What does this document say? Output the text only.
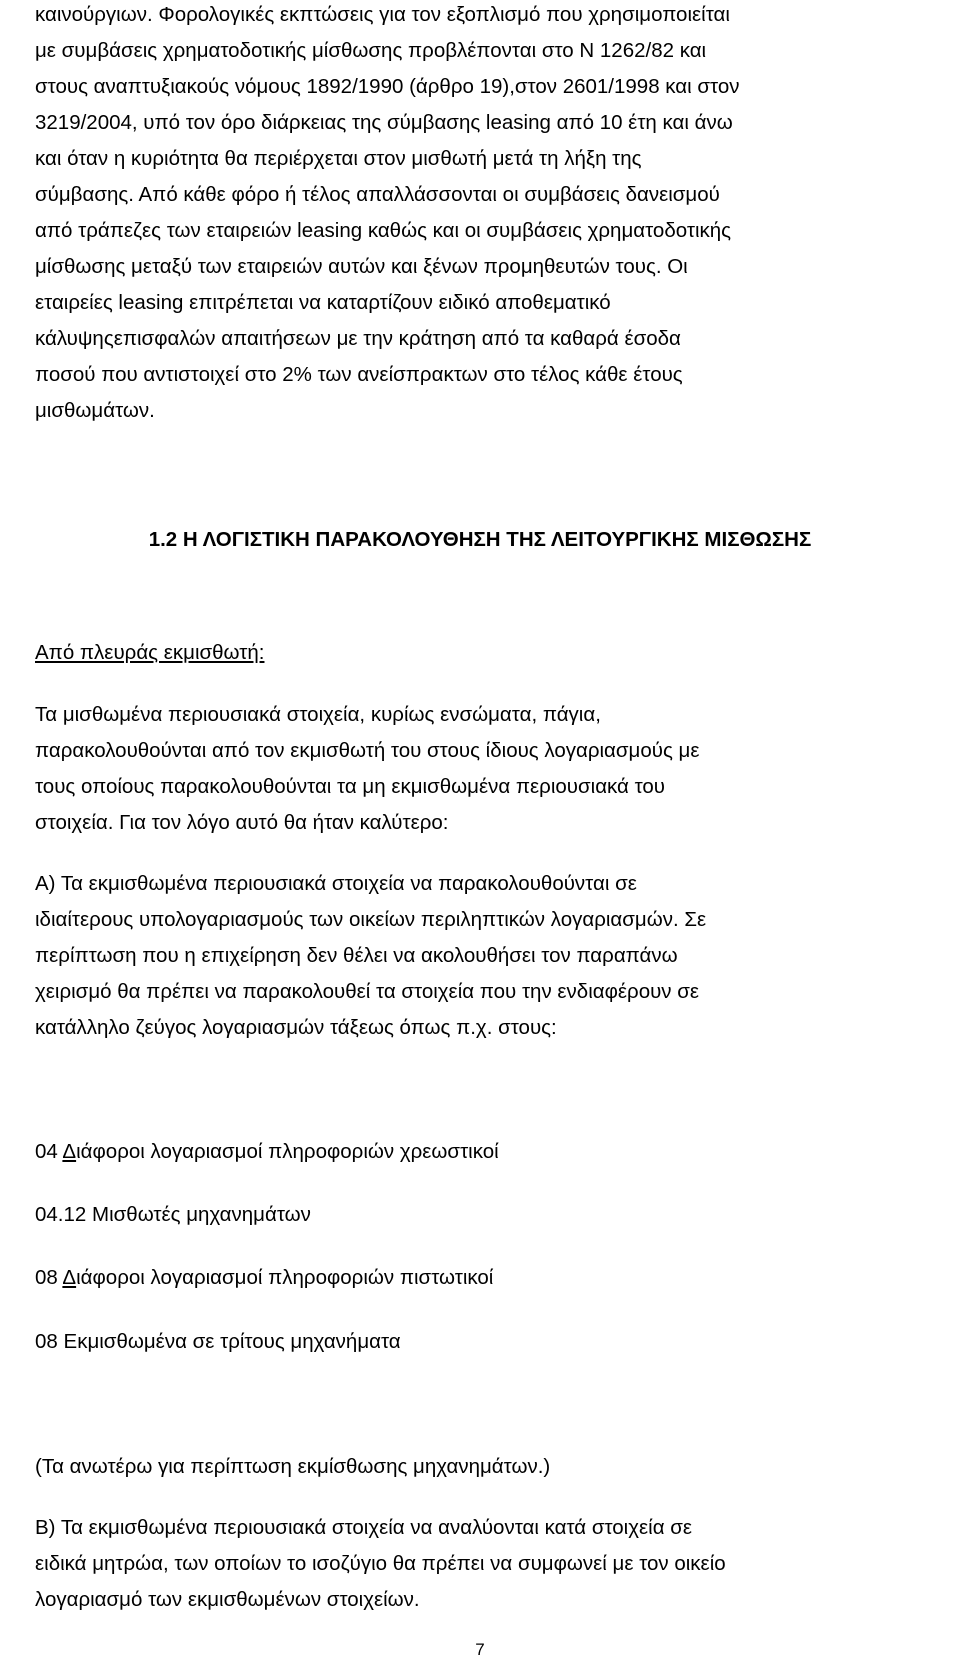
καινούργιων. Φορολογικές εκπτώσεις για τον εξοπλισμό που χρησιμοποιείται
με συμβάσεις χρηματοδοτικής μίσθωσης προβλέπονται στο Ν 1262/82 και
στους αναπτυξιακούς νόμους 1892/1990 (άρθρο 19),στον 2601/1998 και στον
3219/2004, υπό τον όρο διάρκειας της σύμβασης leasing από 10 έτη και άνω
και όταν η κυριότητα θα περιέρχεται στον μισθωτή μετά τη λήξη της
σύμβασης. Από κάθε φόρο ή τέλος απαλλάσσονται οι συμβάσεις δανεισμού
από τράπεζες των εταιρειών leasing καθώς και οι συμβάσεις χρηματοδοτικής
μίσθωσης μεταξύ των εταιρειών αυτών και ξένων προμηθευτών τους. Οι
εταιρείες leasing επιτρέπεται να καταρτίζουν ειδικό αποθεματικό
κάλυψηςεπισφαλών απαιτήσεων με την κράτηση από τα καθαρά έσοδα
ποσού που αντιστοιχεί στο 2% των ανείσπρακτων στο τέλος κάθε έτους
μισθωμάτων.
1.2 Η ΛΟΓΙΣΤΙΚΗ ΠΑΡΑΚΟΛΟΥΘΗΣΗ ΤΗΣ ΛΕΙΤΟΥΡΓΙΚΗΣ ΜΙΣΘΩΣΗΣ
Από πλευράς εκμισθωτή:
Τα μισθωμένα περιουσιακά στοιχεία, κυρίως ενσώματα, πάγια,
παρακολουθούνται από τον εκμισθωτή του στους ίδιους λογαριασμούς με
τους οποίους παρακολουθούνται τα μη εκμισθωμένα περιουσιακά του
στοιχεία. Για τον λόγο αυτό θα ήταν καλύτερο:
Α) Τα εκμισθωμένα περιουσιακά στοιχεία να παρακολουθούνται σε
ιδιαίτερους υπολογαριασμούς των οικείων περιληπτικών λογαριασμών. Σε
περίπτωση που η επιχείρηση δεν θέλει να ακολουθήσει τον παραπάνω
χειρισμό θα πρέπει να παρακολουθεί τα στοιχεία που την ενδιαφέρουν σε
κατάλληλο ζεύγος λογαριασμών τάξεως όπως π.χ. στους:
04 Διάφοροι λογαριασμοί πληροφοριών χρεωστικοί
04.12 Μισθωτές μηχανημάτων
08 Διάφοροι λογαριασμοί πληροφοριών πιστωτικοί
08 Εκμισθωμένα σε τρίτους μηχανήματα
(Τα ανωτέρω για περίπτωση εκμίσθωσης μηχανημάτων.)
Β) Τα εκμισθωμένα περιουσιακά στοιχεία να αναλύονται κατά στοιχεία σε
ειδικά μητρώα, των οποίων το ισοζύγιο θα πρέπει να συμφωνεί με τον οικείο
λογαριασμό των εκμισθωμένων στοιχείων.
7
